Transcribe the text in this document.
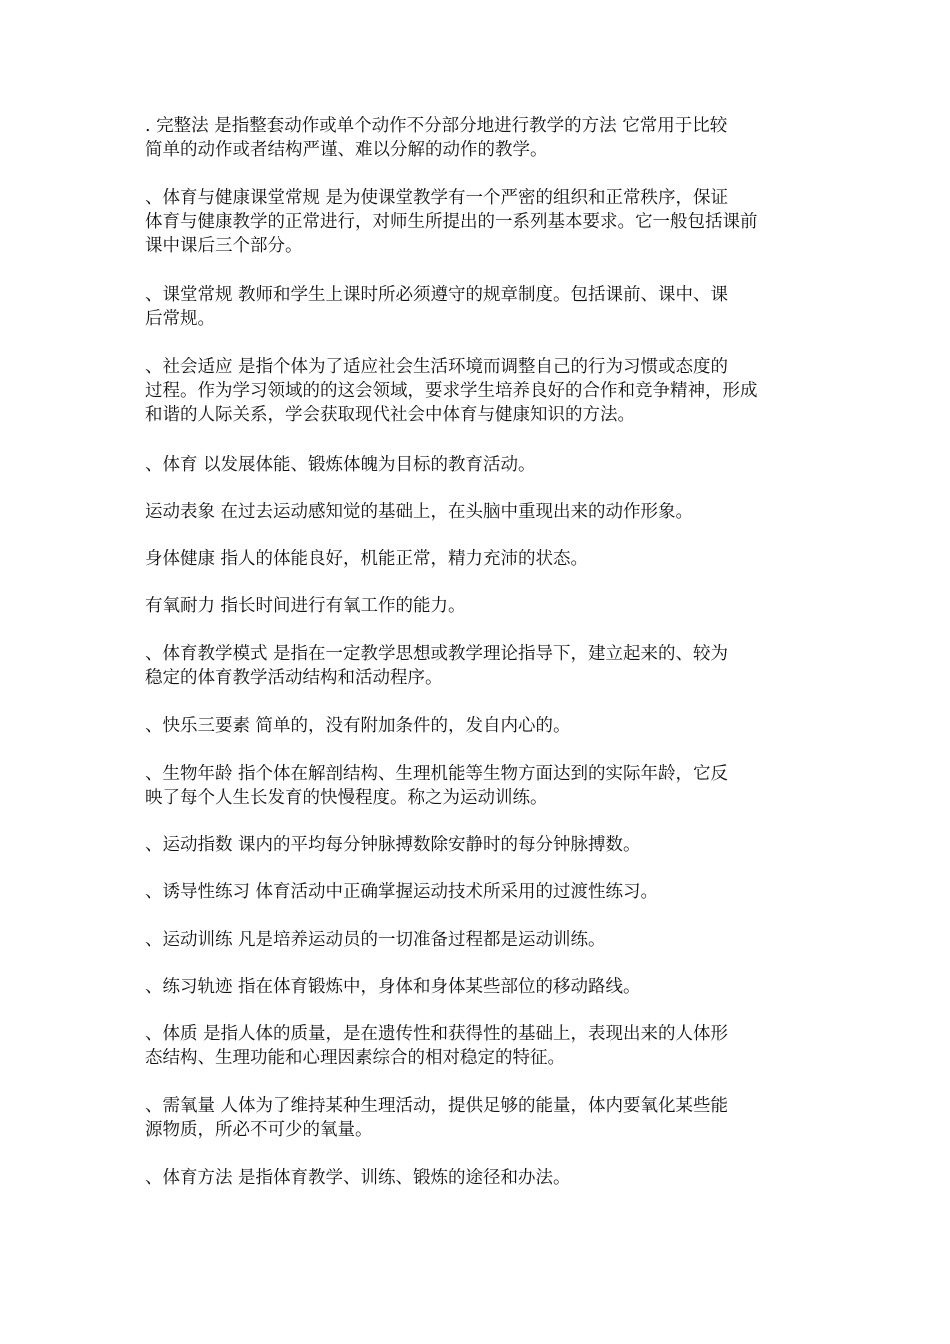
. 完整法 是指整套动作或单个动作不分部分地进行教学的方法 它常用于比较
简单的动作或者结构严谨、难以分解的动作的教学。
、体育与健康课堂常规 是为使课堂教学有一个严密的组织和正常秩序，保证
体育与健康教学的正常进行，对师生所提出的一系列基本要求。它一般包括课前
课中课后三个部分。
、课堂常规 教师和学生上课时所必须遵守的规章制度。包括课前、课中、课
后常规。
、社会适应 是指个体为了适应社会生活环境而调整自己的行为习惯或态度的
过程。作为学习领域的的这会领域，要求学生培养良好的合作和竞争精神，形成
和谐的人际关系，学会获取现代社会中体育与健康知识的方法。
、体育 以发展体能、锻炼体魄为目标的教育活动。
运动表象 在过去运动感知觉的基础上，在头脑中重现出来的动作形象。
身体健康 指人的体能良好，机能正常，精力充沛的状态。
有氧耐力 指长时间进行有氧工作的能力。
、体育教学模式 是指在一定教学思想或教学理论指导下，建立起来的、较为
稳定的体育教学活动结构和活动程序。
、快乐三要素 简单的，没有附加条件的，发自内心的。
、生物年龄 指个体在解剖结构、生理机能等生物方面达到的实际年龄，它反
映了每个人生长发育的快慢程度。称之为运动训练。
、运动指数 课内的平均每分钟脉搏数除安静时的每分钟脉搏数。
、诱导性练习 体育活动中正确掌握运动技术所采用的过渡性练习。
、运动训练 凡是培养运动员的一切准备过程都是运动训练。
、练习轨迹 指在体育锻炼中，身体和身体某些部位的移动路线。
、体质 是指人体的质量，是在遗传性和获得性的基础上，表现出来的人体形
态结构、生理功能和心理因素综合的相对稳定的特征。
、需氧量 人体为了维持某种生理活动，提供足够的能量，体内要氧化某些能
源物质，所必不可少的氧量。
、体育方法 是指体育教学、训练、锻炼的途径和办法。
